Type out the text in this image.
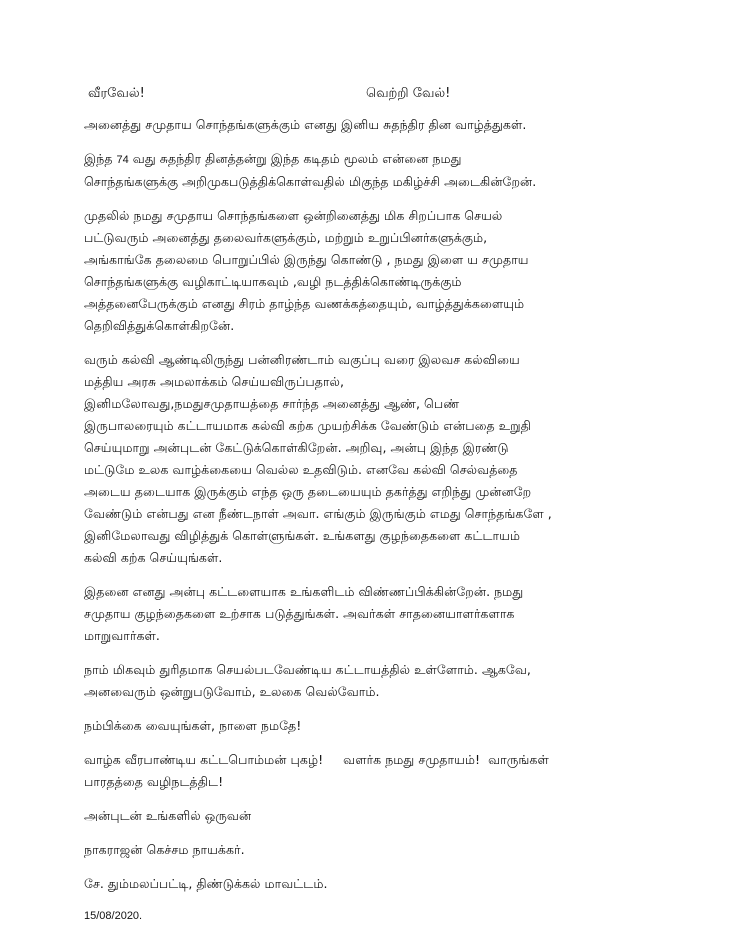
வீரவேல்!	வெற்றி வேல்!

அனைத்து சமுதாய சொந்தங்களுக்கும் எனது இனிய சுதந்திர தின வாழ்த்துகள்.

இந்த 74 வது சுதந்திர தினத்தன்று இந்த கடிதம் மூலம் என்னை நமது
சொந்தங்களுக்கு அறிமுகபடுத்திக்கொள்வதில் மிகுந்த மகிழ்ச்சி அடைகின்றேன்.

முதலில் நமது சமுதாய சொந்தங்களை ஒன்றினைத்து மிக சிறப்பாக செயல்
பட்டுவரும் அனைத்து தலைவர்களுக்கும், மற்றும் உறுப்பினர்களுக்கும்,
அங்காங்கே தலைமை பொறுப்பில் இருந்து கொண்டு , நமது இளை ய சமுதாய
சொந்தங்களுக்கு வழிகாட்டியாகவும் ,வழி நடத்திக்கொண்டிருக்கும்
அத்தனைபேருக்கும் எனது சிரம் தாழ்ந்த வணக்கத்தையும், வாழ்த்துக்களையும்
தெறிவித்துக்கொள்கிறனே்.

வரும் கல்வி ஆண்டிலிருந்து பன்னிரண்டாம் வகுப்பு வரை இலவச கல்வியை
மத்திய அரசு அமலாக்கம் செய்யவிருப்பதால்,
இனிமலோவது,நமதுசமுதாயத்தை சார்ந்த அனைத்து ஆண், பெண்
இருபாலரையும் கட்டாயமாக கல்வி கற்க முயற்சிக்க வேண்டும் என்பதை உறுதி
செய்யுமாறு அன்புடன் கேட்டுக்கொள்கிறேன். அறிவு, அன்பு இந்த இரண்டு
மட்டுமே உலக வாழ்க்கையை வெல்ல உதவிடும். எனவே கல்வி செல்வத்தை
அடைய தடையாக இருக்கும் எந்த ஒரு தடையையும் தகர்த்து எறிந்து முன்னறே
வேண்டும் என்பது என நீண்டநாள் அவா. எங்கும் இருங்கும் எமது சொந்தங்களே ,
இனிமேலாவது விழித்துக் கொள்ளுங்கள். உங்களது குழந்தைகளை கட்டாயம்
கல்வி கற்க செய்யுங்கள்.

இதனை எனது அன்பு கட்டளையாக உங்களிடம் விண்ணப்பிக்கின்றேன். நமது
சமுதாய குழந்தைகளை உற்சாக படுத்துங்கள். அவர்கள் சாதனையாளர்களாக
மாறுவார்கள்.

நாம் மிகவும் துரிதமாக செயல்படவேண்டிய கட்டாயத்தில் உள்ளோம். ஆகவே,
அனவைரும் ஒன்றுபடுவோம், உலகை வெல்வோம்.

நம்பிக்கை வையுங்கள், நாளை நமதே!

வாழ்க வீரபாண்டிய கட்டபொம்மன் புகழ்!     வளர்க நமது சமுதாயம்!  வாருங்கள்
பாரதத்தை வழிநடத்திட!

அன்புடன் உங்களில் ஒருவன்

நாகராஜன் கெச்சம நாயக்கர்.

சே. தும்மலப்பட்டி, திண்டுக்கல் மாவட்டம்.

15/08/2020.
